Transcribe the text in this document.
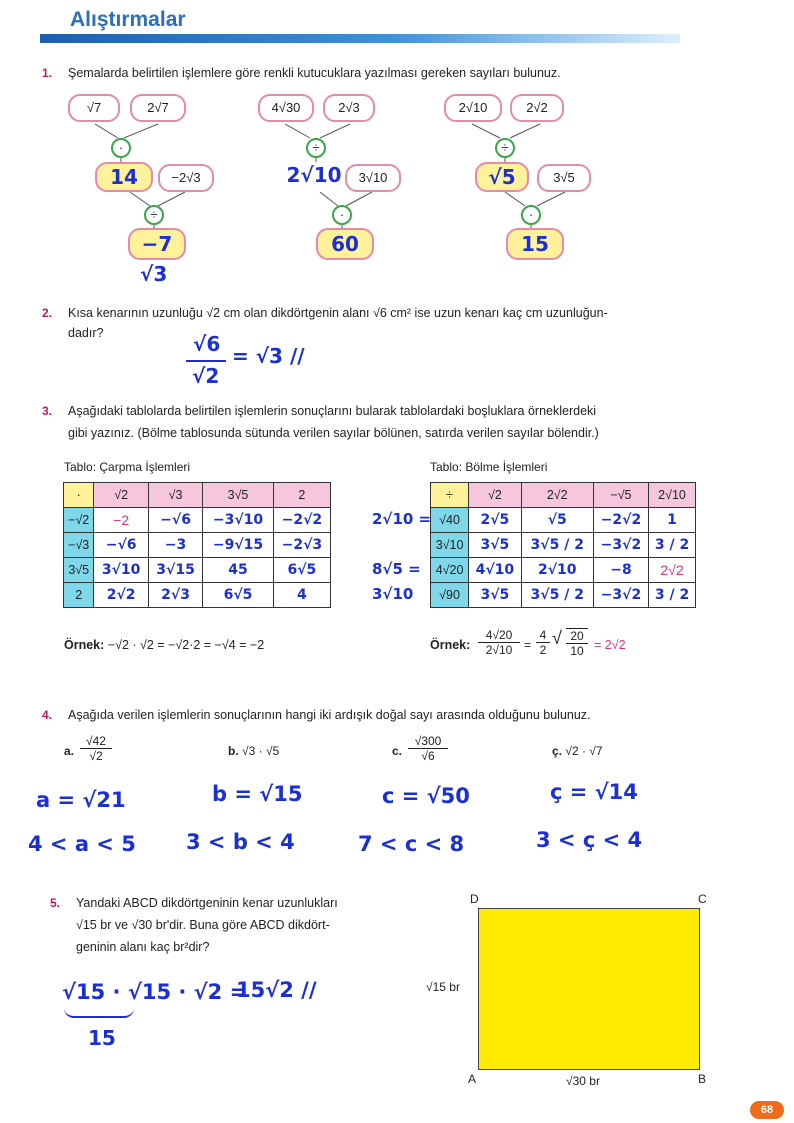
Alıştırmalar
1. Şemalarda belirtilen işlemlere göre renkli kutucuklara yazılması gereken sayıları bulunuz.
√7	2√7
·
14	−2√3
÷
−7
√3
4√30	2√3
÷
2√10	3√10
·
60
2√10	2√2
÷
√5	3√5
·
15
2. Kısa kenarının uzunluğu √2 cm olan dikdörtgenin alanı √6 cm² ise uzun kenarı kaç cm uzunluğun-
dadır?	√6
√2
= √3 //
3. Aşağıdaki tablolarda belirtilen işlemlerin sonuçlarını bularak tablolardaki boşluklara örneklerdeki
gibi yazınız. (Bölme tablosunda sütunda verilen sayılar bölünen, satırda verilen sayılar bölendir.)
Tablo: Çarpma İşlemleri
·	√2	√3	3√5	2
−√2	−2	−√6	−3√10	−2√2
−√3	−√6	−3	−9√15	−2√3
3√5	3√10	3√15	45	6√5
2	2√2	2√3	6√5	4
Tablo: Bölme İşlemleri
÷	√2	2√2	−√5	2√10
√40	2√5	√5	−2√2	1
3√10	3√5	3√5 / 2	−3√2	3 / 2
4√20	4√10	2√10	−8	2√2
√90	3√5	3√5 / 2	−3√2	3 / 2
2√10 =
8√5 =
3√10
Örnek: −√2 · √2 = −√2·2 = −√4 = −2	Örnek: $\frac{4√20}{2√10} = \frac{4}{2}$ √ $\frac{20}{10} = 2√2$
4. Aşağıda verilen işlemlerin sonuçlarının hangi iki ardışık doğal sayı arasında olduğunu bulunuz.
a. $\frac{√42}{√2}$	b. √3 · √5	c. $\frac{√300}{√6}$	ç. √2 · √7
a = √21	b = √15	c = √50	ç = √14
4 < a < 5 3 < b < 4	7 < c < 8	3 < ç < 4
5. Yandaki ABCD dikdörtgeninin kenar uzunlukları
√15 br ve √30 br'dir. Buna göre ABCD dikdört-
geninin alanı kaç br²dir?
√15 · √15 · √2 =
15√2 //
15
D	C
A	B
√15 br
√30 br
68
